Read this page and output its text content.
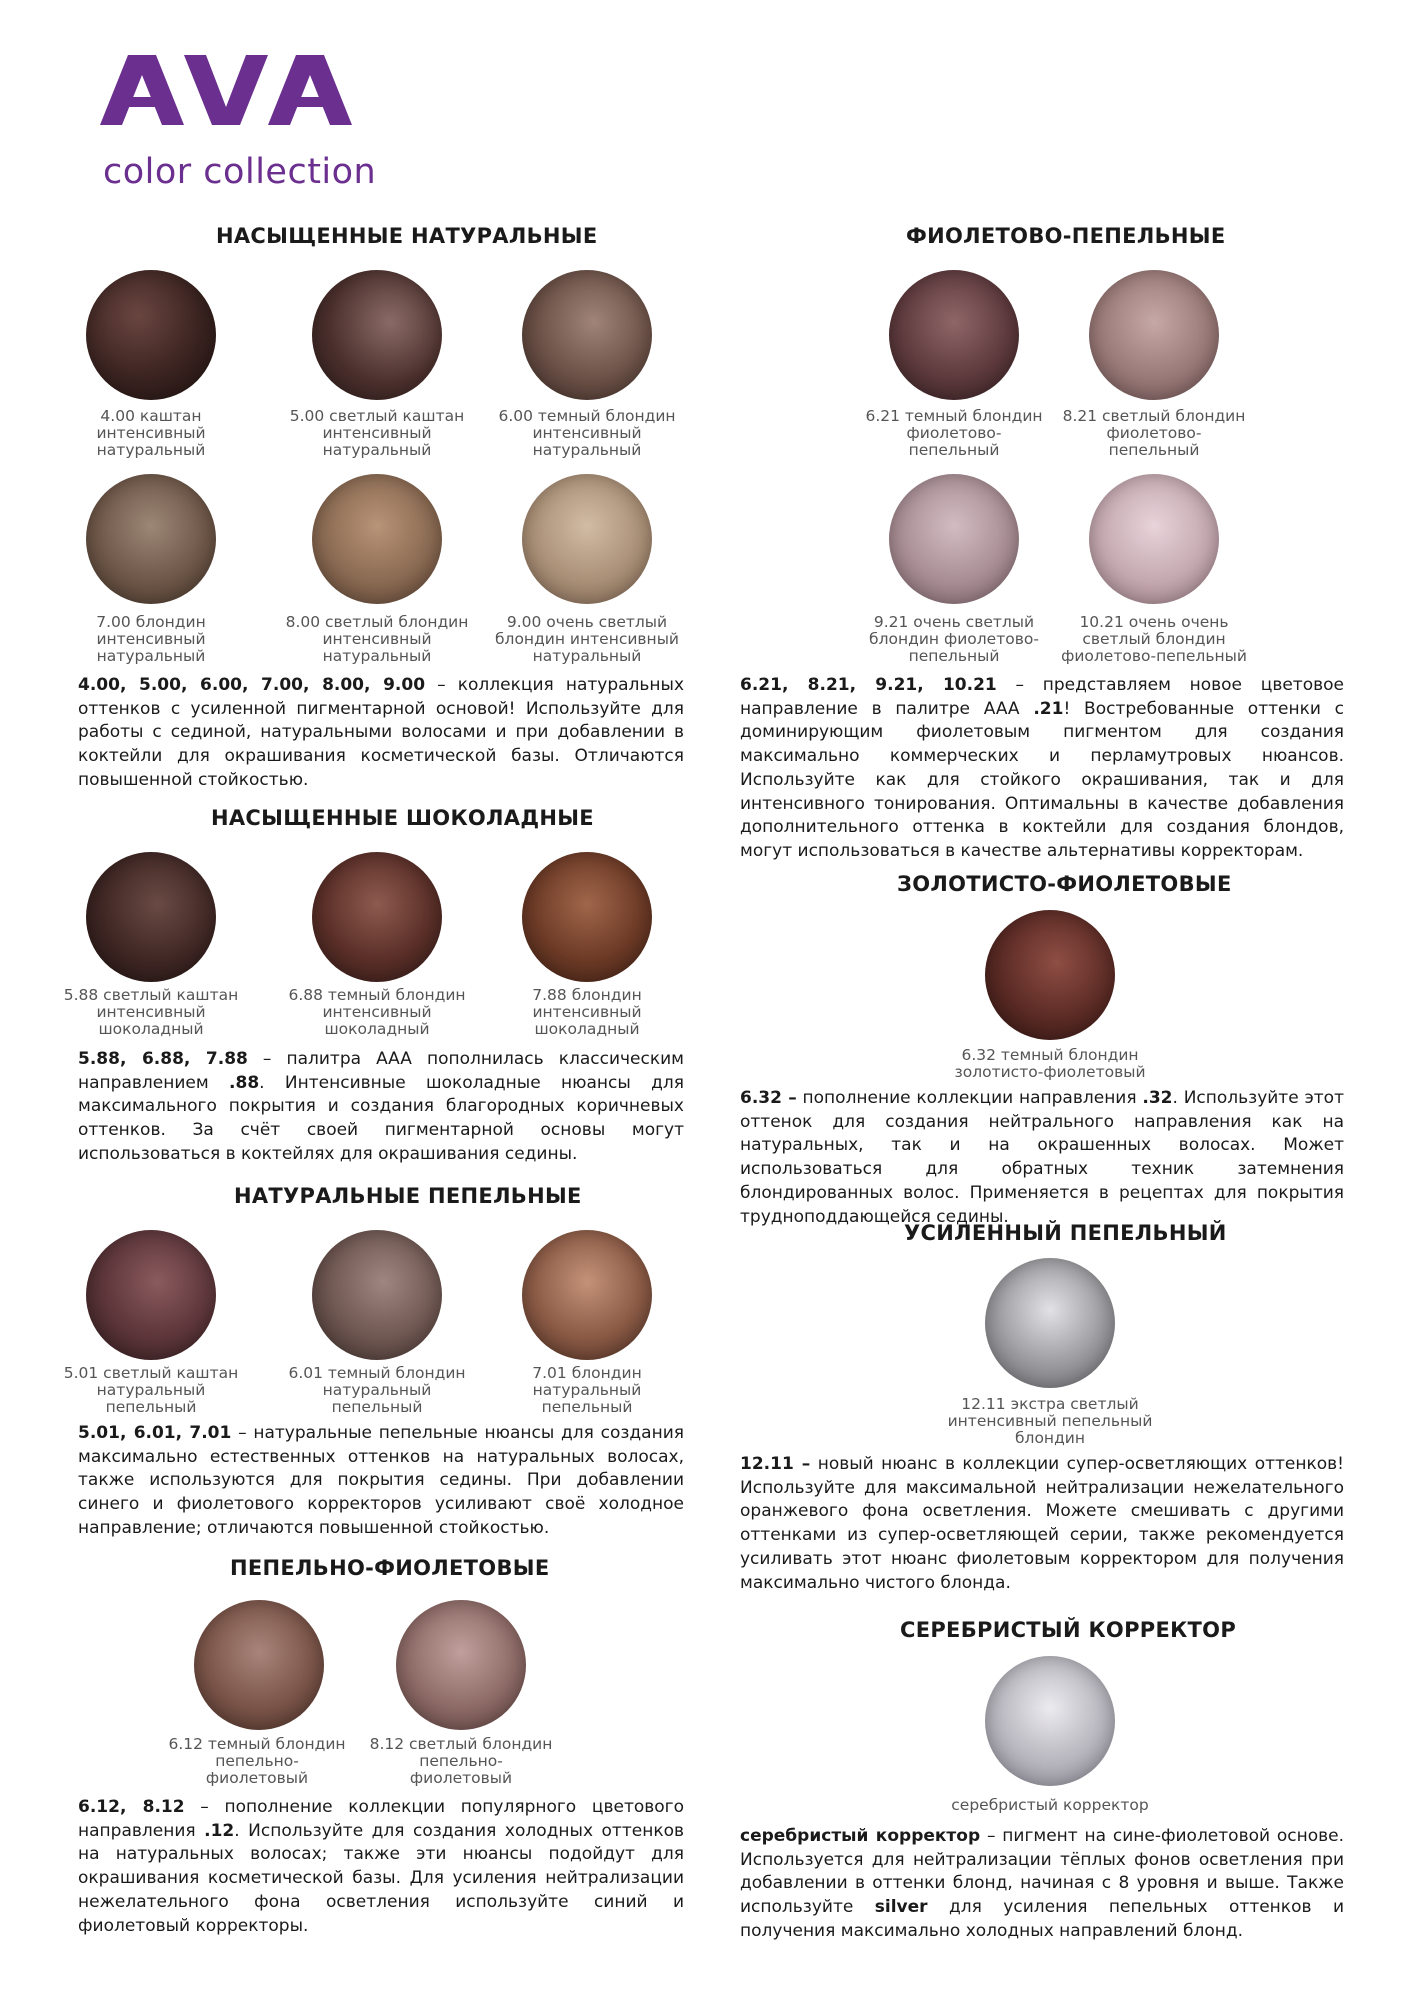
color collection
НАСЫЩЕННЫЕ НАТУРАЛЬНЫЕ
4.00 каштан
интенсивный
натуральный
5.00 светлый каштан
интенсивный
натуральный
6.00 темный блондин
интенсивный
натуральный
7.00 блондин
интенсивный
натуральный
8.00 светлый блондин
интенсивный
натуральный
9.00 очень светлый
блондин интенсивный
натуральный
4.00, 5.00, 6.00, 7.00, 8.00, 9.00 – коллекция натуральных оттенков с усиленной пигментарной основой! Используйте для работы с сединой, натуральными волосами и при добавлении в коктейли для окрашивания косметической базы. Отличаются повышенной стойкостью.
НАСЫЩЕННЫЕ ШОКОЛАДНЫЕ
5.88 светлый каштан
интенсивный
шоколадный
6.88 темный блондин
интенсивный
шоколадный
7.88 блондин
интенсивный
шоколадный
5.88, 6.88, 7.88 – палитра AAA пополнилась классическим направлением .88. Интенсивные шоколадные нюансы для максимального покрытия и создания благородных коричневых оттенков. За счёт своей пигментарной основы могут использоваться в коктейлях для окрашивания седины.
НАТУРАЛЬНЫЕ ПЕПЕЛЬНЫЕ
5.01 светлый каштан
натуральный
пепельный
6.01 темный блондин
натуральный
пепельный
7.01 блондин
натуральный
пепельный
5.01, 6.01, 7.01 – натуральные пепельные нюансы для создания максимально естественных оттенков на натуральных волосах, также используются для покрытия седины. При добавлении синего и фиолетового корректоров усиливают своё холодное направление; отличаются повышенной стойкостью.
ПЕПЕЛЬНО-ФИОЛЕТОВЫЕ
6.12 темный блондин
пепельно-
фиолетовый
8.12 светлый блондин
пепельно-
фиолетовый
6.12, 8.12 – пополнение коллекции популярного цветового направления .12. Используйте для создания холодных оттенков на натуральных волосах; также эти нюансы подойдут для окрашивания косметической базы. Для усиления нейтрализации нежелательного фона осветления используйте синий и фиолетовый корректоры.
ФИОЛЕТОВО-ПЕПЕЛЬНЫЕ
6.21 темный блондин
фиолетово-
пепельный
8.21 светлый блондин
фиолетово-
пепельный
9.21 очень светлый
блондин фиолетово-
пепельный
10.21 очень очень
светлый блондин
фиолетово-пепельный
6.21, 8.21, 9.21, 10.21 – представляем новое цветовое направление в палитре AAA .21! Востребованные оттенки с доминирующим фиолетовым пигментом для создания максимально коммерческих и перламутровых нюансов. Используйте как для стойкого окрашивания, так и для интенсивного тонирования. Оптимальны в качестве добавления дополнительного оттенка в коктейли для создания блондов, могут использоваться в качестве альтернативы корректорам.
ЗОЛОТИСТО-ФИОЛЕТОВЫЕ
6.32 темный блондин
золотисто-фиолетовый
6.32 – пополнение коллекции направления .32. Используйте этот оттенок для создания нейтрального направления как на натуральных, так и на окрашенных волосах. Может использоваться для обратных техник затемнения блондированных волос. Применяется в рецептах для покрытия трудноподдающейся седины.
УСИЛЕННЫЙ ПЕПЕЛЬНЫЙ
12.11 экстра светлый
интенсивный пепельный
блондин
12.11 – новый нюанс в коллекции супер-осветляющих оттенков! Используйте для максимальной нейтрализации нежелательного оранжевого фона осветления. Можете смешивать с другими оттенками из супер-осветляющей серии, также рекомендуется усиливать этот нюанс фиолетовым корректором для получения максимально чистого блонда.
СЕРЕБРИСТЫЙ КОРРЕКТОР
серебристый корректор
серебристый корректор – пигмент на сине-фиолетовой основе. Используется для нейтрализации тёплых фонов осветления при добавлении в оттенки блонд, начиная с 8 уровня и выше. Также используйте silver для усиления пепельных оттенков и получения максимально холодных направлений блонд.
